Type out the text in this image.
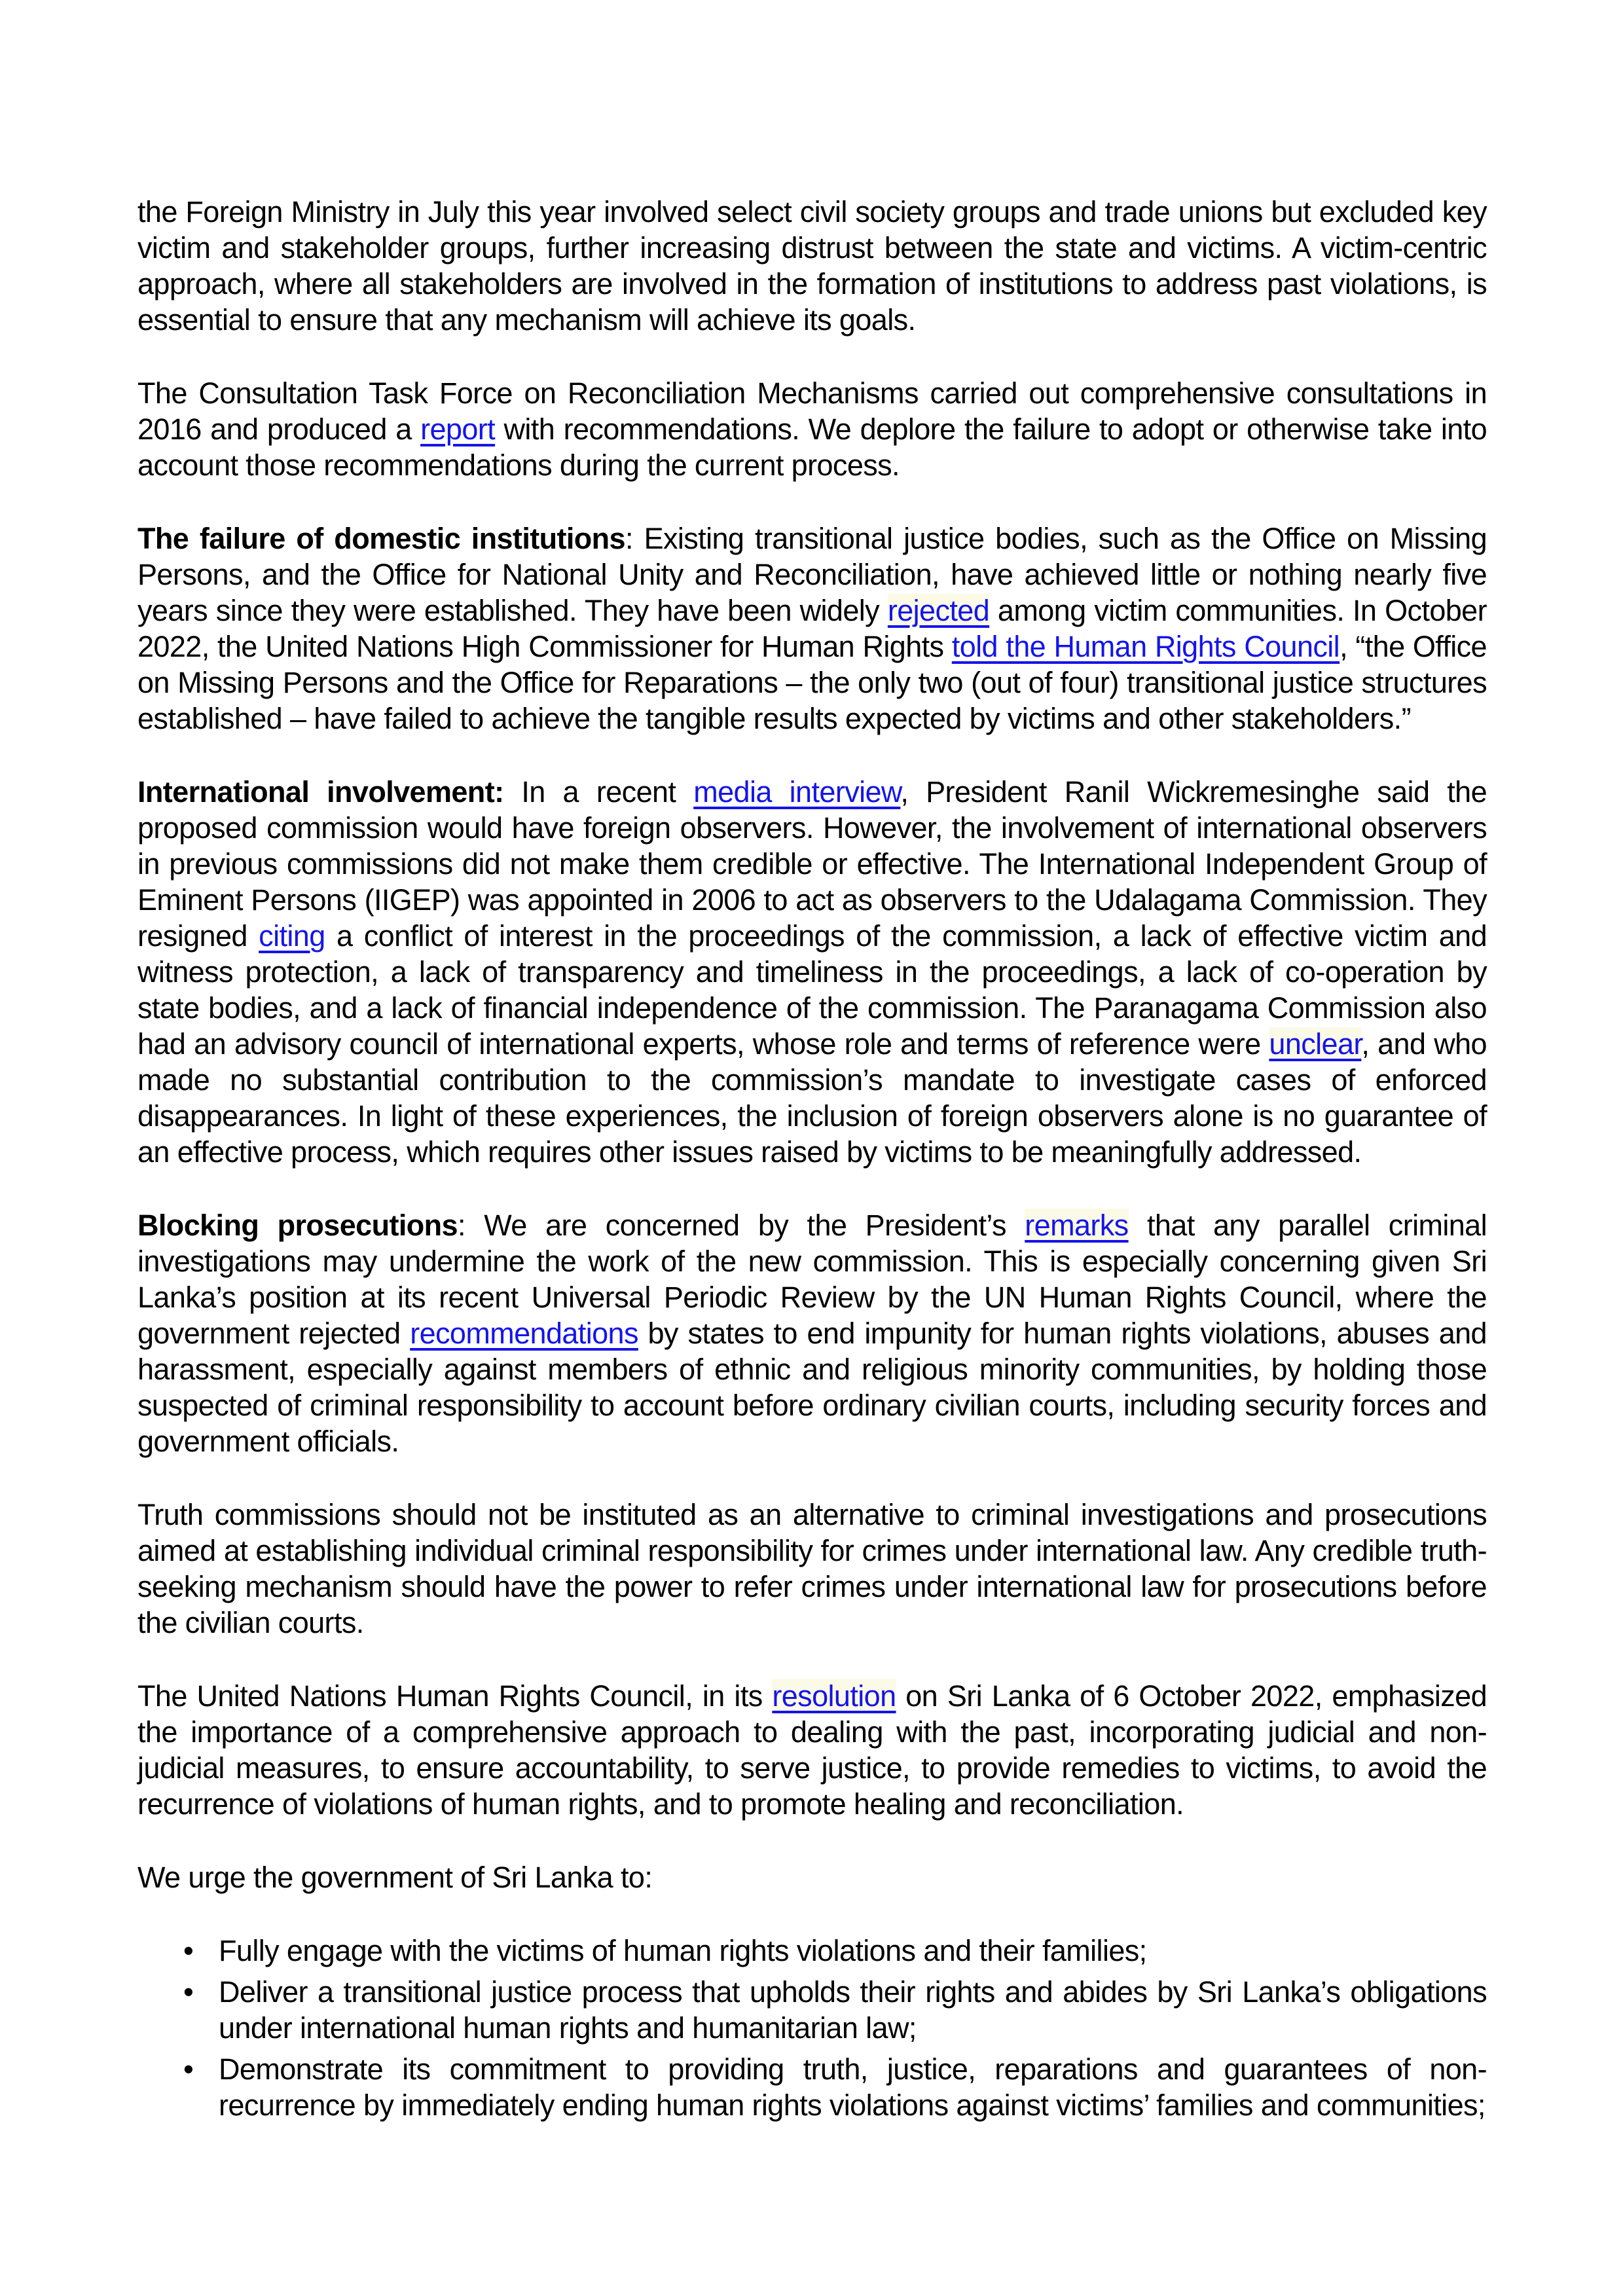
the Foreign Ministry in July this year involved select civil society groups and trade unions but excluded key victim and stakeholder groups, further increasing distrust between the state and victims. A victim-centric approach, where all stakeholders are involved in the formation of institutions to address past violations, is essential to ensure that any mechanism will achieve its goals.

The Consultation Task Force on Reconciliation Mechanisms carried out comprehensive consultations in 2016 and produced a report with recommendations. We deplore the failure to adopt or otherwise take into account those recommendations during the current process.

The failure of domestic institutions: Existing transitional justice bodies, such as the Office on Missing Persons, and the Office for National Unity and Reconciliation, have achieved little or nothing nearly five years since they were established. They have been widely rejected among victim communities. In October 2022, the United Nations High Commissioner for Human Rights told the Human Rights Council, “the Office on Missing Persons and the Office for Reparations – the only two (out of four) transitional justice structures established – have failed to achieve the tangible results expected by victims and other stakeholders.”

International involvement: In a recent media interview, President Ranil Wickremesinghe said the proposed commission would have foreign observers. However, the involvement of international observers in previous commissions did not make them credible or effective. The International Independent Group of Eminent Persons (IIGEP) was appointed in 2006 to act as observers to the Udalagama Commission. They resigned citing a conflict of interest in the proceedings of the commission, a lack of effective victim and witness protection, a lack of transparency and timeliness in the proceedings, a lack of co-operation by state bodies, and a lack of financial independence of the commission. The Paranagama Commission also had an advisory council of international experts, whose role and terms of reference were unclear, and who made no substantial contribution to the commission’s mandate to investigate cases of enforced disappearances. In light of these experiences, the inclusion of foreign observers alone is no guarantee of an effective process, which requires other issues raised by victims to be meaningfully addressed.

Blocking prosecutions: We are concerned by the President’s remarks that any parallel criminal investigations may undermine the work of the new commission. This is especially concerning given Sri Lanka’s position at its recent Universal Periodic Review by the UN Human Rights Council, where the government rejected recommendations by states to end impunity for human rights violations, abuses and harassment, especially against members of ethnic and religious minority communities, by holding those suspected of criminal responsibility to account before ordinary civilian courts, including security forces and government officials.

Truth commissions should not be instituted as an alternative to criminal investigations and prosecutions aimed at establishing individual criminal responsibility for crimes under international law. Any credible truth-seeking mechanism should have the power to refer crimes under international law for prosecutions before the civilian courts.

The United Nations Human Rights Council, in its resolution on Sri Lanka of 6 October 2022, emphasized the importance of a comprehensive approach to dealing with the past, incorporating judicial and non-judicial measures, to ensure accountability, to serve justice, to provide remedies to victims, to avoid the recurrence of violations of human rights, and to promote healing and reconciliation.

We urge the government of Sri Lanka to:

• Fully engage with the victims of human rights violations and their families;
• Deliver a transitional justice process that upholds their rights and abides by Sri Lanka’s obligations under international human rights and humanitarian law;
• Demonstrate its commitment to providing truth, justice, reparations and guarantees of non-recurrence by immediately ending human rights violations against victims’ families and communities;
